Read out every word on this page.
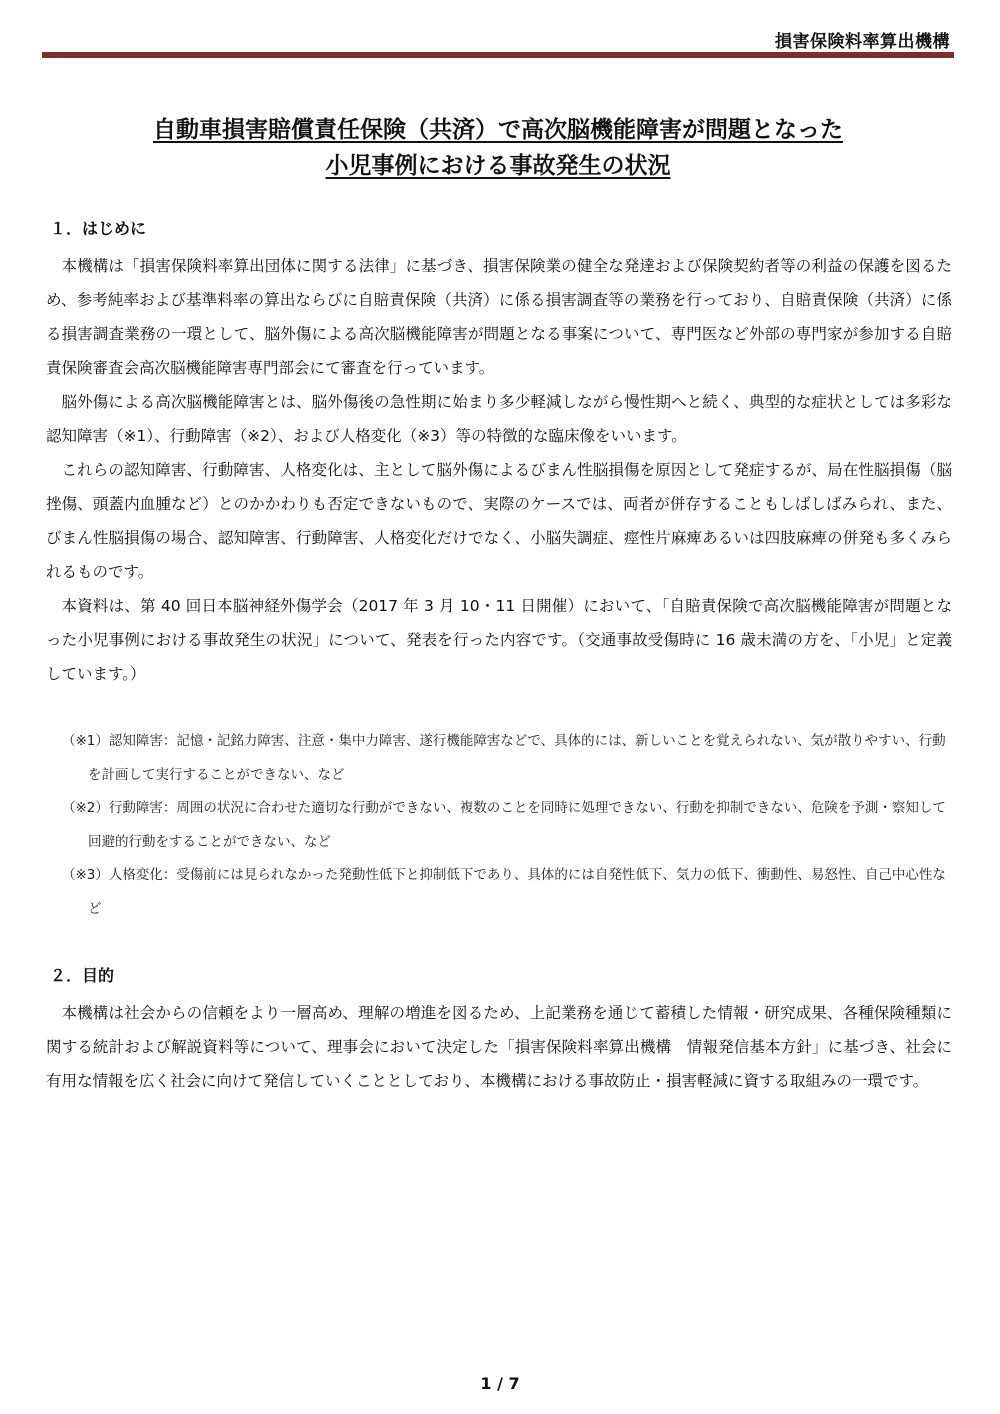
損害保険料率算出機構
自動車損害賠償責任保険（共済）で高次脳機能障害が問題となった
小児事例における事故発生の状況
１．はじめに

本機構は「損害保険料率算出団体に関する法律」に基づき、損害保険業の健全な発達および保険契約者等の利益の保護を図るため、参考純率および基準料率の算出ならびに自賠責保険（共済）に係る損害調査等の業務を行っており、自賠責保険（共済）に係る損害調査業務の一環として、脳外傷による高次脳機能障害が問題となる事案について、専門医など外部の専門家が参加する自賠責保険審査会高次脳機能障害専門部会にて審査を行っています。

脳外傷による高次脳機能障害とは、脳外傷後の急性期に始まり多少軽減しながら慢性期へと続く、典型的な症状としては多彩な認知障害（※1）、行動障害（※2）、および人格変化（※3）等の特徴的な臨床像をいいます。

これらの認知障害、行動障害、人格変化は、主として脳外傷によるびまん性脳損傷を原因として発症するが、局在性脳損傷（脳挫傷、頭蓋内血腫など）とのかかわりも否定できないもので、実際のケースでは、両者が併存することもしばしばみられ、また、びまん性脳損傷の場合、認知障害、行動障害、人格変化だけでなく、小脳失調症、痙性片麻痺あるいは四肢麻痺の併発も多くみられるものです。

本資料は、第 40 回日本脳神経外傷学会（2017 年 3 月 10・11 日開催）において、「自賠責保険で高次脳機能障害が問題となった小児事例における事故発生の状況」について、発表を行った内容です。（交通事故受傷時に 16 歳未満の方を、「小児」と定義しています。）

（※1）認知障害：記憶・記銘力障害、注意・集中力障害、遂行機能障害などで、具体的には、新しいことを覚えられない、気が散りやすい、行動を計画して実行することができない、など

（※2）行動障害：周囲の状況に合わせた適切な行動ができない、複数のことを同時に処理できない、行動を抑制できない、危険を予測・察知して回避的行動をすることができない、など

（※3）人格変化：受傷前には見られなかった発動性低下と抑制低下であり、具体的には自発性低下、気力の低下、衝動性、易怒性、自己中心性など

２．目的

本機構は社会からの信頼をより一層高め、理解の増進を図るため、上記業務を通じて蓄積した情報・研究成果、各種保険種類に関する統計および解説資料等について、理事会において決定した「損害保険料率算出機構　情報発信基本方針」に基づき、社会に有用な情報を広く社会に向けて発信していくこととしており、本機構における事故防止・損害軽減に資する取組みの一環です。

1 / 7
